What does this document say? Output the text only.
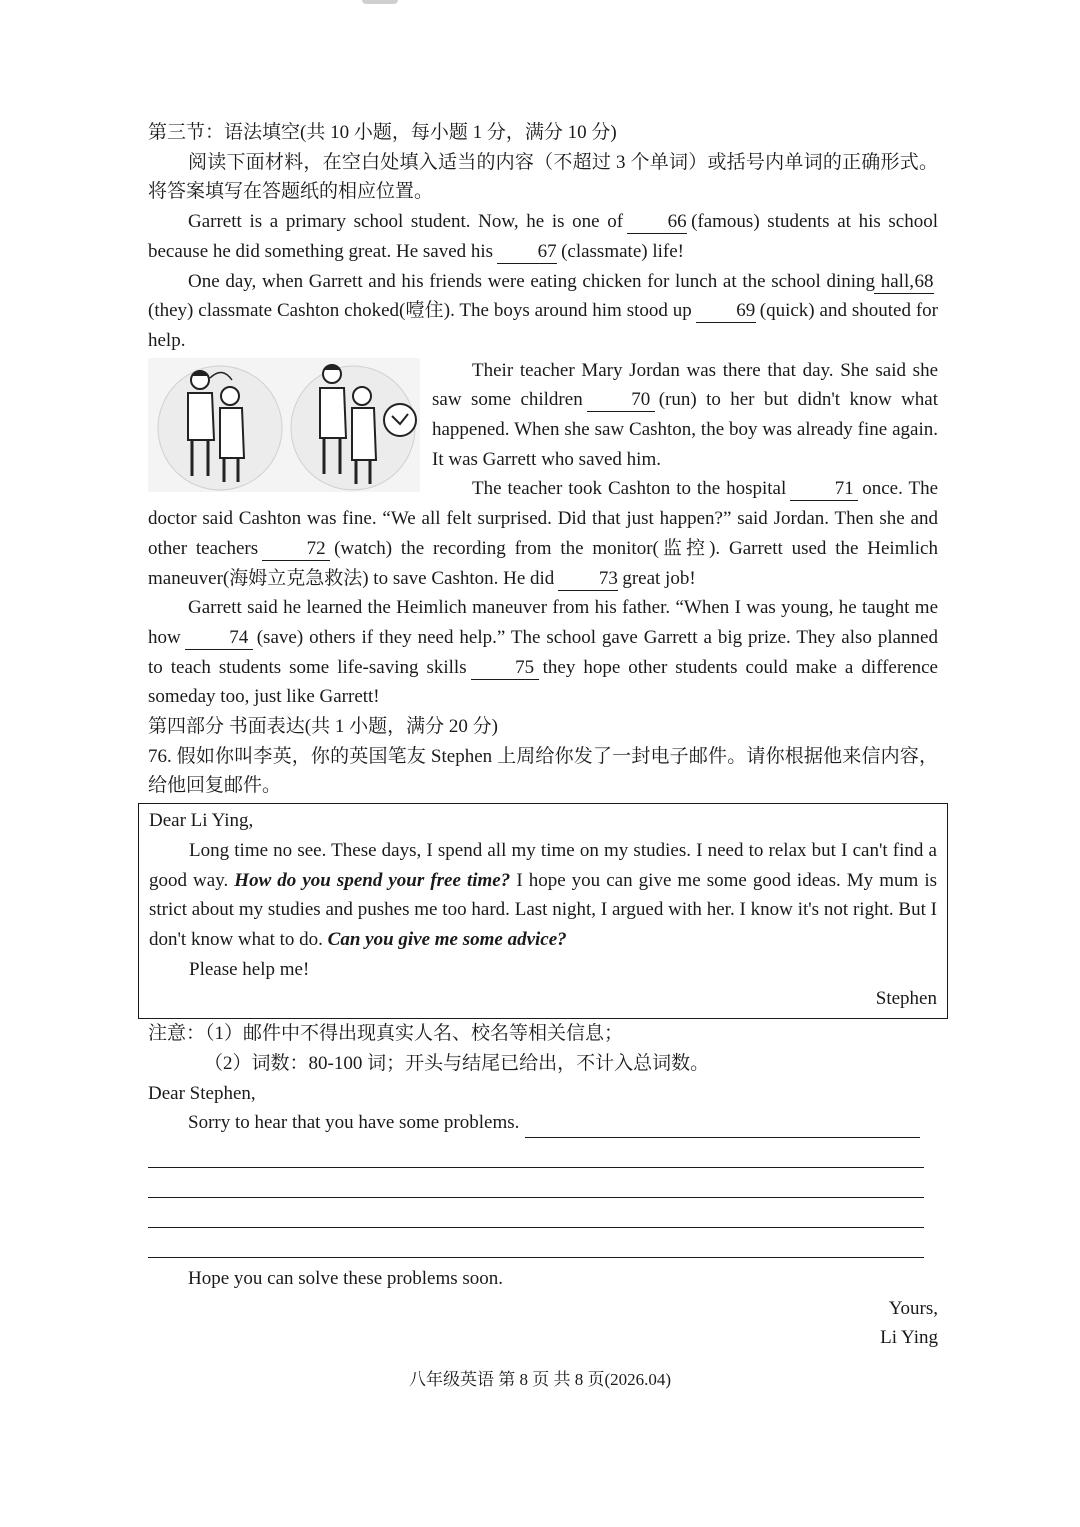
第三节：语法填空(共 10 小题，每小题 1 分，满分 10 分)

阅读下面材料，在空白处填入适当的内容（不超过 3 个单词）或括号内单词的正确形式。将答案填写在答题纸的相应位置。

Garrett is a primary school student. Now, he is one of 66 (famous) students at his school because he did something great. He saved his 67 (classmate) life!

One day, when Garrett and his friends were eating chicken for lunch at the school dining hall,68(they) classmate Cashton choked(噎住). The boys around him stood up 69 (quick) and shouted for help.

Their teacher Mary Jordan was there that day. She said she saw some children	70 (run) to her but didn't know what happened. When she saw Cashton, the boy was already fine again. It was Garrett who saved him.

The teacher took Cashton to the hospital	71 once. The doctor said Cashton was fine. “We all felt surprised. Did that just happen?” said Jordan. Then she and other teachers	72 (watch) the recording from the monitor(监控). Garrett used the Heimlich maneuver(海姆立克急救法) to save Cashton. He did 73 great job!

Garrett said he learned the Heimlich maneuver from his father. “When I was young, he taught me how	74 (save) others if they need help.” The school gave Garrett a big prize. They also planned to teach students some life-saving skills	75 they hope other students could make a difference someday too, just like Garrett!

第四部分 书面表达(共 1 小题，满分 20 分)

76. 假如你叫李英，你的英国笔友 Stephen 上周给你发了一封电子邮件。请你根据他来信内容，给他回复邮件。

Dear Li Ying,

Long time no see. These days, I spend all my time on my studies. I need to relax but I can't find a good way. How do you spend your free time? I hope you can give me some good ideas. My mum is strict about my studies and pushes me too hard. Last night, I argued with her. I know it's not right. But I don't know what to do. Can you give me some advice?

Please help me!

Stephen

注意：（1）邮件中不得出现真实人名、校名等相关信息；

（2）词数：80-100 词；开头与结尾已给出，不计入总词数。

Dear Stephen,

Sorry to hear that you have some problems.

Hope you can solve these problems soon.

Yours,

Li Ying

八年级英语 第 8 页 共 8 页(2026.04)
